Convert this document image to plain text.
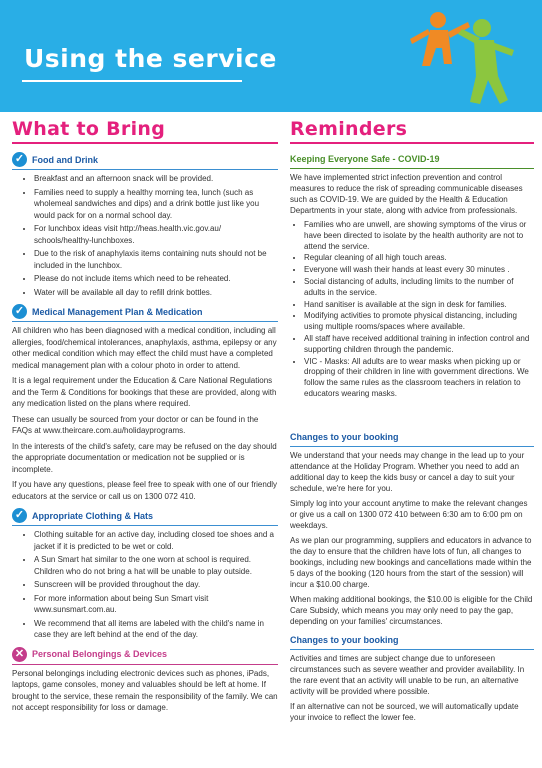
Using the service
What to Bring
✓ Food and Drink
• Breakfast and an afternoon snack will be provided.
• Families need to supply a healthy morning tea, lunch (such as wholemeal sandwiches and dips) and a drink bottle just like you would pack for on a normal school day.
• For lunchbox ideas visit http://heas.health.vic.gov.au/ schools/healthy-lunchboxes.
• Due to the risk of anaphylaxis items containing nuts should not be included in the lunchbox.
• Please do not include items which need to be reheated.
• Water will be available all day to refill drink bottles.
✓ Medical Management Plan & Medication

All children who has been diagnosed with a medical condition, including all allergies, food/chemical intolerances, anaphylaxis, asthma, epilepsy or any other medical condition which may effect the child must have a completed medical management plan with a colour photo in order to attend.

It is a legal requirement under the Education & Care National Regulations and the Term & Conditions for bookings that these are provided, along with any medication listed on the plans where required.

These can usually be sourced from your doctor or can be found in the FAQs at www.theircare.com.au/holidayprograms.

In the interests of the child's safety, care may be refused on the day should the appropriate documentation or medication not be supplied or is incomplete.

If you have any questions, please feel free to speak with one of our friendly educators at the service or call us on 1300 072 410.

✓ Appropriate Clothing & Hats
• Clothing suitable for an active day, including closed toe shoes and a jacket if it is predicted to be wet or cold.
• A Sun Smart hat similar to the one worn at school is required. Children who do not bring a hat will be unable to play outside.
• Sunscreen will be provided throughout the day.
• For more information about being Sun Smart visit www.sunsmart.com.au.
• We recommend that all items are labeled with the child's name in case they are left behind at the end of the day.
✕ Personal Belongings & Devices

Personal belongings including electronic devices such as phones, iPads, laptops, game consoles, money and valuables should be left at home. If brought to the service, these remain the responsibility of the family. We can not accept responsibility for loss or damage.

Reminders
Keeping Everyone Safe - COVID-19

We have implemented strict infection prevention and control measures to reduce the risk of spreading communicable diseases such as COVID-19. We are guided by the Health & Education Departments in your state, along with advice from professionals.

• Families who are unwell, are showing symptoms of the virus or have been directed to isolate by the health authority are not to attend the service.
• Regular cleaning of all high touch areas.
• Everyone will wash their hands at least every 30 minutes .
• Social distancing of adults, including limits to the number of adults in the service.
• Hand sanitiser is available at the sign in desk for families.
• Modifying activities to promote physical distancing, including using multiple rooms/spaces where available.
• All staff have received additional training in infection control and supporting children through the pandemic.
• VIC - Masks: All adults are to wear masks when picking up or dropping of their children in line with government directions. We follow the same rules as the classroom teachers in relation to educators wearing masks.
Changes to your booking

We understand that your needs may change in the lead up to your attendance at the Holiday Program. Whether you need to add an additional day to keep the kids busy or cancel a day to suit your schedule, we're here for you.

Simply log into your account anytime to make the relevant changes or give us a call on 1300 072 410 between 6:30 am to 6:00 pm on weekdays.

As we plan our programming, suppliers and educators in advance to the day to ensure that the children have lots of fun, all changes to bookings, including new bookings and cancellations made within the 5 days of the booking (120 hours from the start of the session) will incur a $10.00 charge.

When making additional bookings, the $10.00 is eligible for the Child Care Subsidy, which means you may only need to pay the gap, depending on your families' circumstances.

Changes to your booking

Activities and times are subject change due to unforeseen circumstances such as severe weather and provider availability. In the rare event that an activity will unable to be run, an alternative activity will be provided where possible.

If an alternative can not be sourced, we will automatically update your invoice to reflect the lower fee.
